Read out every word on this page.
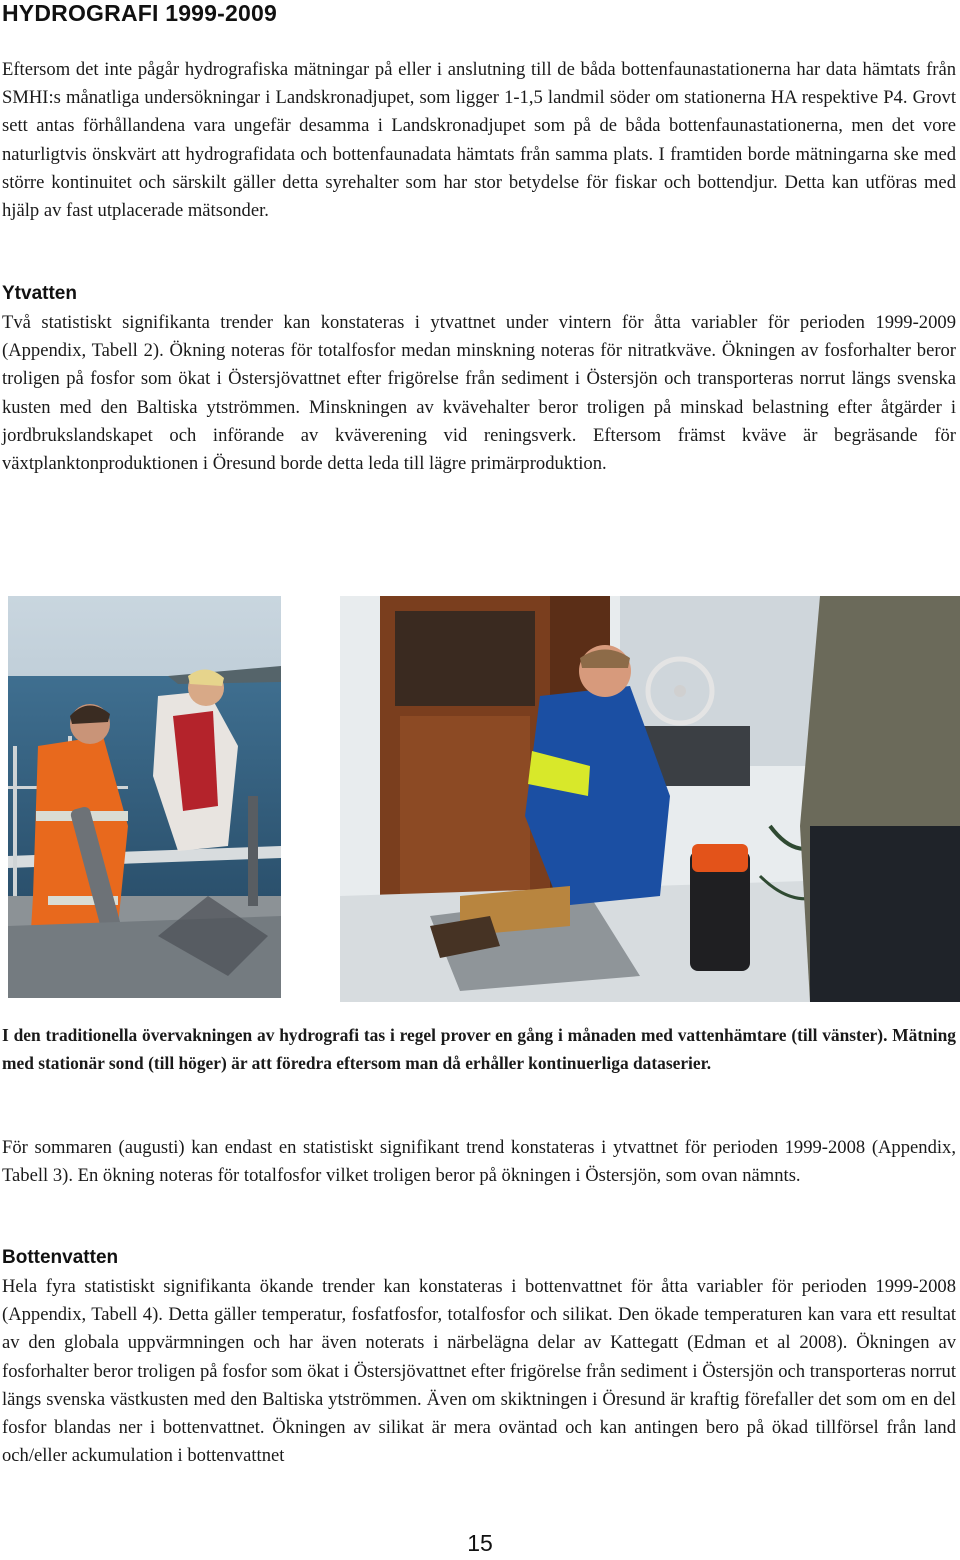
HYDROGRAFI 1999-2009

Eftersom det inte pågår hydrografiska mätningar på eller i anslutning till de båda bottenfaunastationerna har data hämtats från SMHI:s månatliga undersökningar i Landskronadjupet, som ligger 1-1,5 landmil söder om stationerna HA respektive P4. Grovt sett antas förhållandena vara ungefär desamma i Landskronadjupet som på de båda bottenfaunastationerna, men det vore naturligtvis önskvärt att hydrografidata och bottenfaunadata hämtats från samma plats. I framtiden borde mätningarna ske med större kontinuitet och särskilt gäller detta syrehalter som har stor betydelse för fiskar och bottendjur. Detta kan utföras med hjälp av fast utplacerade mätsonder.

Ytvatten

Två statistiskt signifikanta trender kan konstateras i ytvattnet under vintern för åtta variabler för perioden 1999-2009 (Appendix, Tabell 2). Ökning noteras för totalfosfor medan minskning noteras för nitratkväve. Ökningen av fosforhalter beror troligen på fosfor som ökat i Östersjövattnet efter frigörelse från sediment i Östersjön och transporteras norrut längs svenska kusten med den Baltiska ytströmmen. Minskningen av kvävehalter beror troligen på minskad belastning efter åtgärder i jordbrukslandskapet och införande av kväverening vid reningsverk. Eftersom främst kväve är begräsande för växtplanktonproduktionen i Öresund borde detta leda till lägre primärproduktion.

I den traditionella övervakningen av hydrografi tas i regel prover en gång i månaden med vattenhämtare (till vänster). Mätning med stationär sond (till höger) är att föredra eftersom man då erhåller kontinuerliga dataserier.

För sommaren (augusti) kan endast en statistiskt signifikant trend konstateras i ytvattnet för perioden 1999-2008 (Appendix, Tabell 3). En ökning noteras för totalfosfor vilket troligen beror på ökningen i Östersjön, som ovan nämnts.

Bottenvatten

Hela fyra statistiskt signifikanta ökande trender kan konstateras i bottenvattnet för åtta variabler för perioden 1999-2008 (Appendix, Tabell 4). Detta gäller temperatur, fosfatfosfor, totalfosfor och silikat. Den ökade temperaturen kan vara ett resultat av den globala uppvärmningen och har även noterats i närbelägna delar av Kattegatt (Edman et al 2008). Ökningen av fosforhalter beror troligen på fosfor som ökat i Östersjövattnet efter frigörelse från sediment i Östersjön och transporteras norrut längs svenska västkusten med den Baltiska ytströmmen. Även om skiktningen i Öresund är kraftig förefaller det som om en del fosfor blandas ner i bottenvattnet. Ökningen av silikat är mera oväntad och kan antingen bero på ökad tillförsel från land och/eller ackumulation i bottenvattnet

15
